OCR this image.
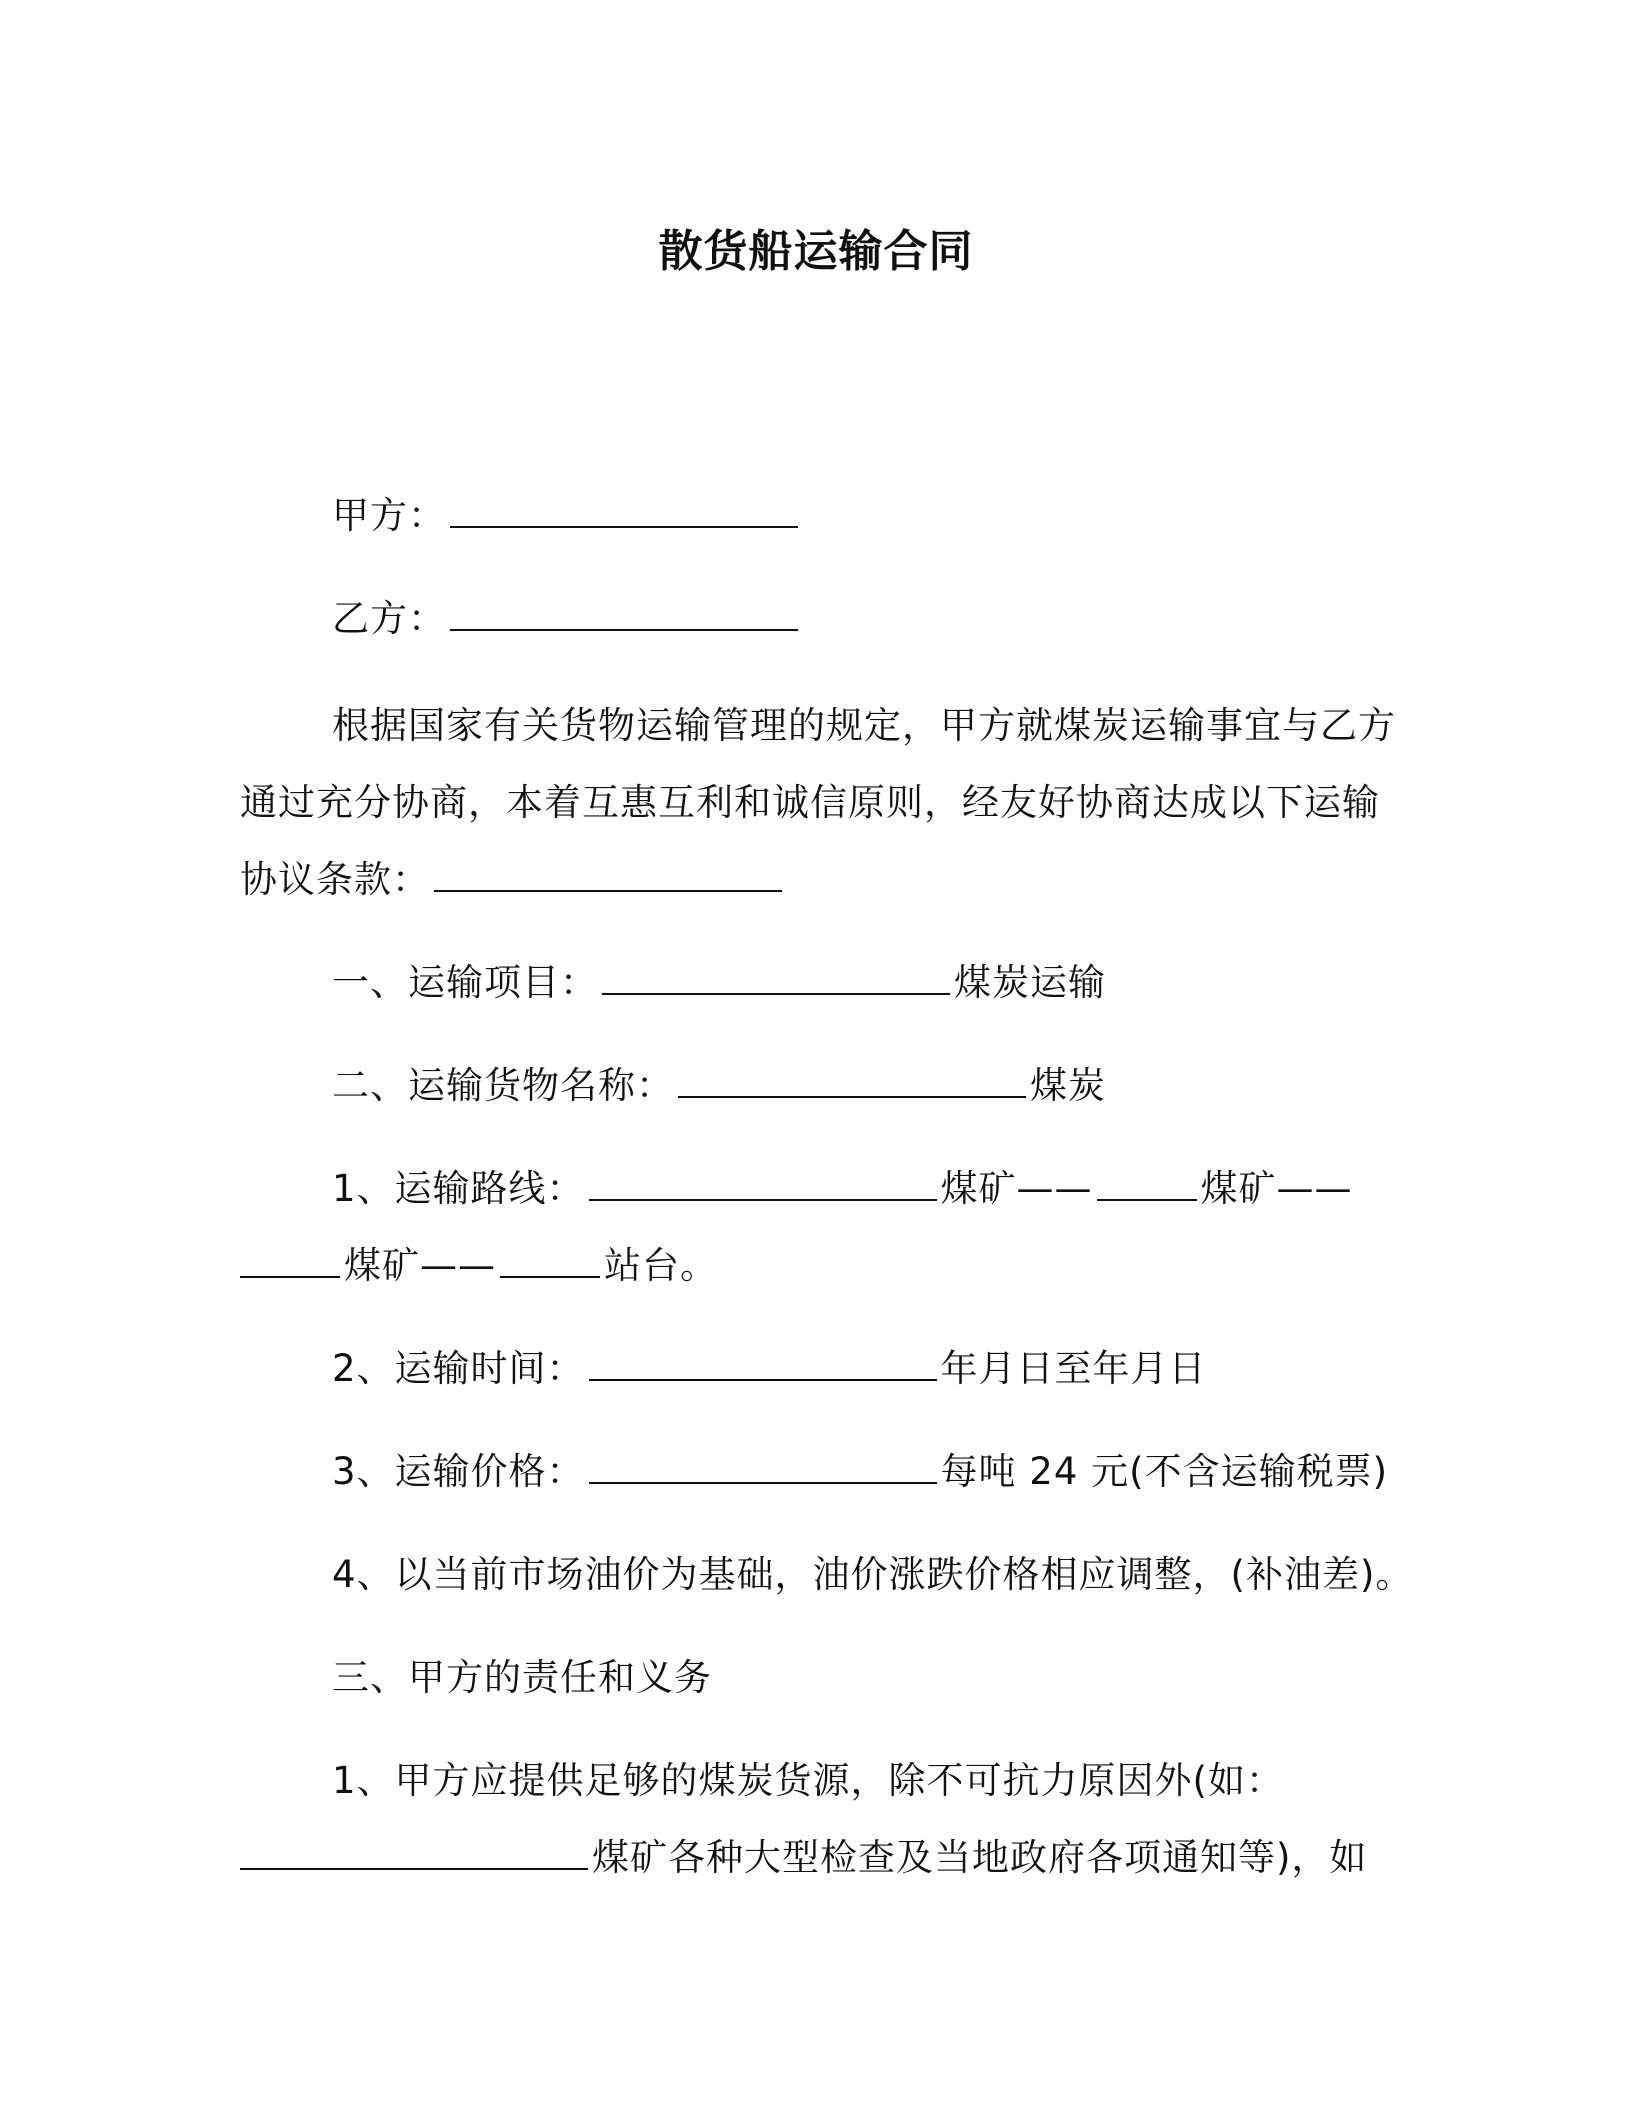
散货船运输合同
甲方：
乙方：
根据国家有关货物运输管理的规定，甲方就煤炭运输事宜与乙方
通过充分协商，本着互惠互利和诚信原则，经友好协商达成以下运输
协议条款：
一、运输项目：	煤炭运输
二、运输货物名称：	煤炭
1、运输路线：	煤矿——	煤矿——
煤矿——	站台。
2、运输时间：	年月日至年月日
3、运输价格：	每吨 24 元(不含运输税票)
4、以当前市场油价为基础，油价涨跌价格相应调整，(补油差)。
三、甲方的责任和义务
1、甲方应提供足够的煤炭货源，除不可抗力原因外(如：
煤矿各种大型检查及当地政府各项通知等)，如
